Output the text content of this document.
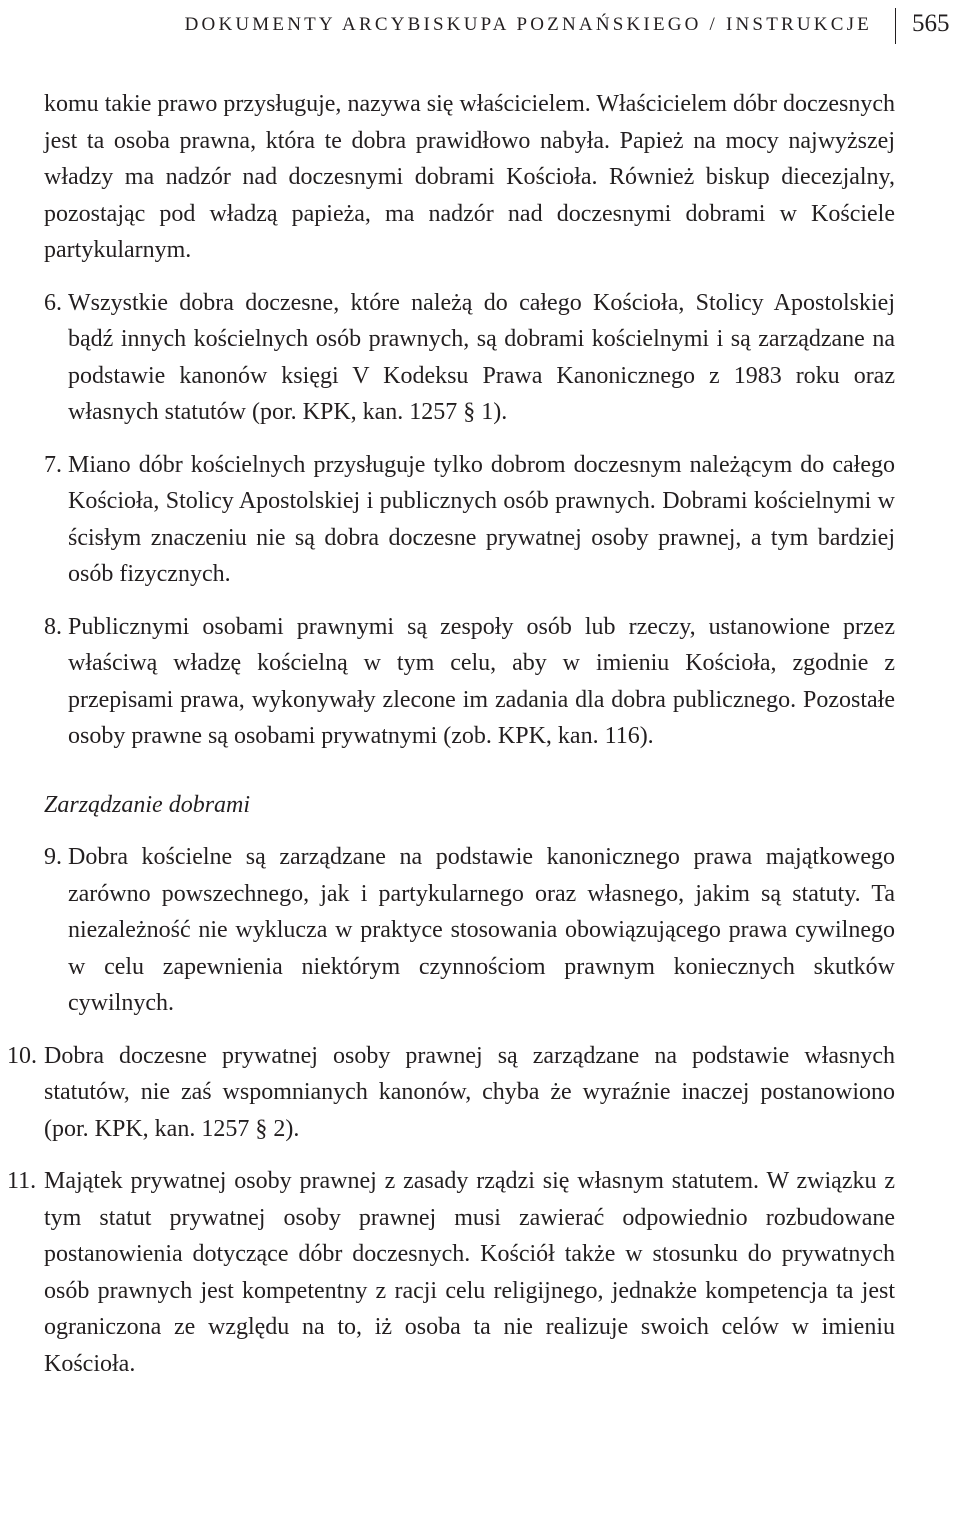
DOKUMENTY ARCYBISKUPA POZNAŃSKIEGO / INSTRUKCJE 565

komu takie prawo przysługuje, nazywa się właścicielem. Właścicielem dóbr doczesnych jest ta osoba prawna, która te dobra prawidłowo nabyła. Papież na mocy najwyższej władzy ma nadzór nad doczesnymi dobrami Kościoła. Również biskup diecezjalny, pozostając pod władzą papieża, ma nadzór nad doczesnymi dobrami w Kościele partykularnym.

6. Wszystkie dobra doczesne, które należą do całego Kościoła, Stolicy Apostolskiej bądź innych kościelnych osób prawnych, są dobrami kościelnymi i są zarządzane na podstawie kanonów księgi V Kodeksu Prawa Kanonicznego z 1983 roku oraz własnych statutów (por. KPK, kan. 1257 § 1).

7. Miano dóbr kościelnych przysługuje tylko dobrom doczesnym należącym do całego Kościoła, Stolicy Apostolskiej i publicznych osób prawnych. Dobrami kościelnymi w ścisłym znaczeniu nie są dobra doczesne prywatnej osoby prawnej, a tym bardziej osób fizycznych.

8. Publicznymi osobami prawnymi są zespoły osób lub rzeczy, ustanowione przez właściwą władzę kościelną w tym celu, aby w imieniu Kościoła, zgodnie z przepisami prawa, wykonywały zlecone im zadania dla dobra publicznego. Pozostałe osoby prawne są osobami prywatnymi (zob. KPK, kan. 116).

Zarządzanie dobrami
9. Dobra kościelne są zarządzane na podstawie kanonicznego prawa majątkowego zarówno powszechnego, jak i partykularnego oraz własnego, jakim są statuty. Ta niezależność nie wyklucza w praktyce stosowania obowiązującego prawa cywilnego w celu zapewnienia niektórym czynnościom prawnym koniecznych skutków cywilnych.

10. Dobra doczesne prywatnej osoby prawnej są zarządzane na podstawie własnych statutów, nie zaś wspomnianych kanonów, chyba że wyraźnie inaczej postanowiono (por. KPK, kan. 1257 § 2).

11. Majątek prywatnej osoby prawnej z zasady rządzi się własnym statutem. W związku z tym statut prywatnej osoby prawnej musi zawierać odpowiednio rozbudowane postanowienia dotyczące dóbr doczesnych. Kościół także w stosunku do prywatnych osób prawnych jest kompetentny z racji celu religijnego, jednakże kompetencja ta jest ograniczona ze względu na to, iż osoba ta nie realizuje swoich celów w imieniu Kościoła.
